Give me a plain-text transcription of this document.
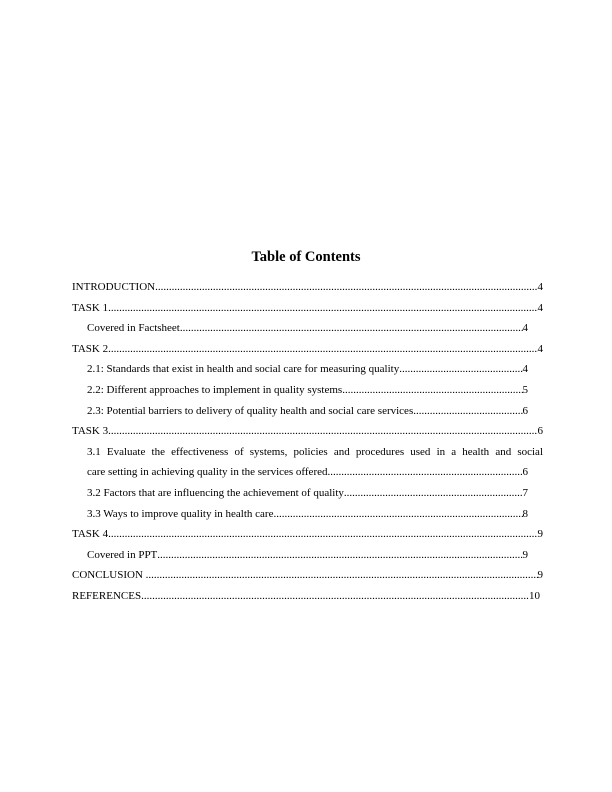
Table of Contents
INTRODUCTION .....	4
TASK 1 .....	4
Covered in Factsheet .....	4
TASK 2 .....	4
2.1: Standards that exist in health and social care for measuring quality .....	4
2.2: Different approaches to implement in quality systems .....	5
2.3: Potential barriers to delivery of quality health and social care services .....	6
TASK 3 .....	6
3.1 Evaluate the effectiveness of systems, policies and procedures used in a health and social
care setting in achieving quality in the services offered .....	6
3.2 Factors that are influencing the achievement of quality .....	7
3.3 Ways to improve quality in health care .....	8
TASK 4 .....	9
Covered in PPT .....	9
CONCLUSION .....	9
REFERENCES .....	10
